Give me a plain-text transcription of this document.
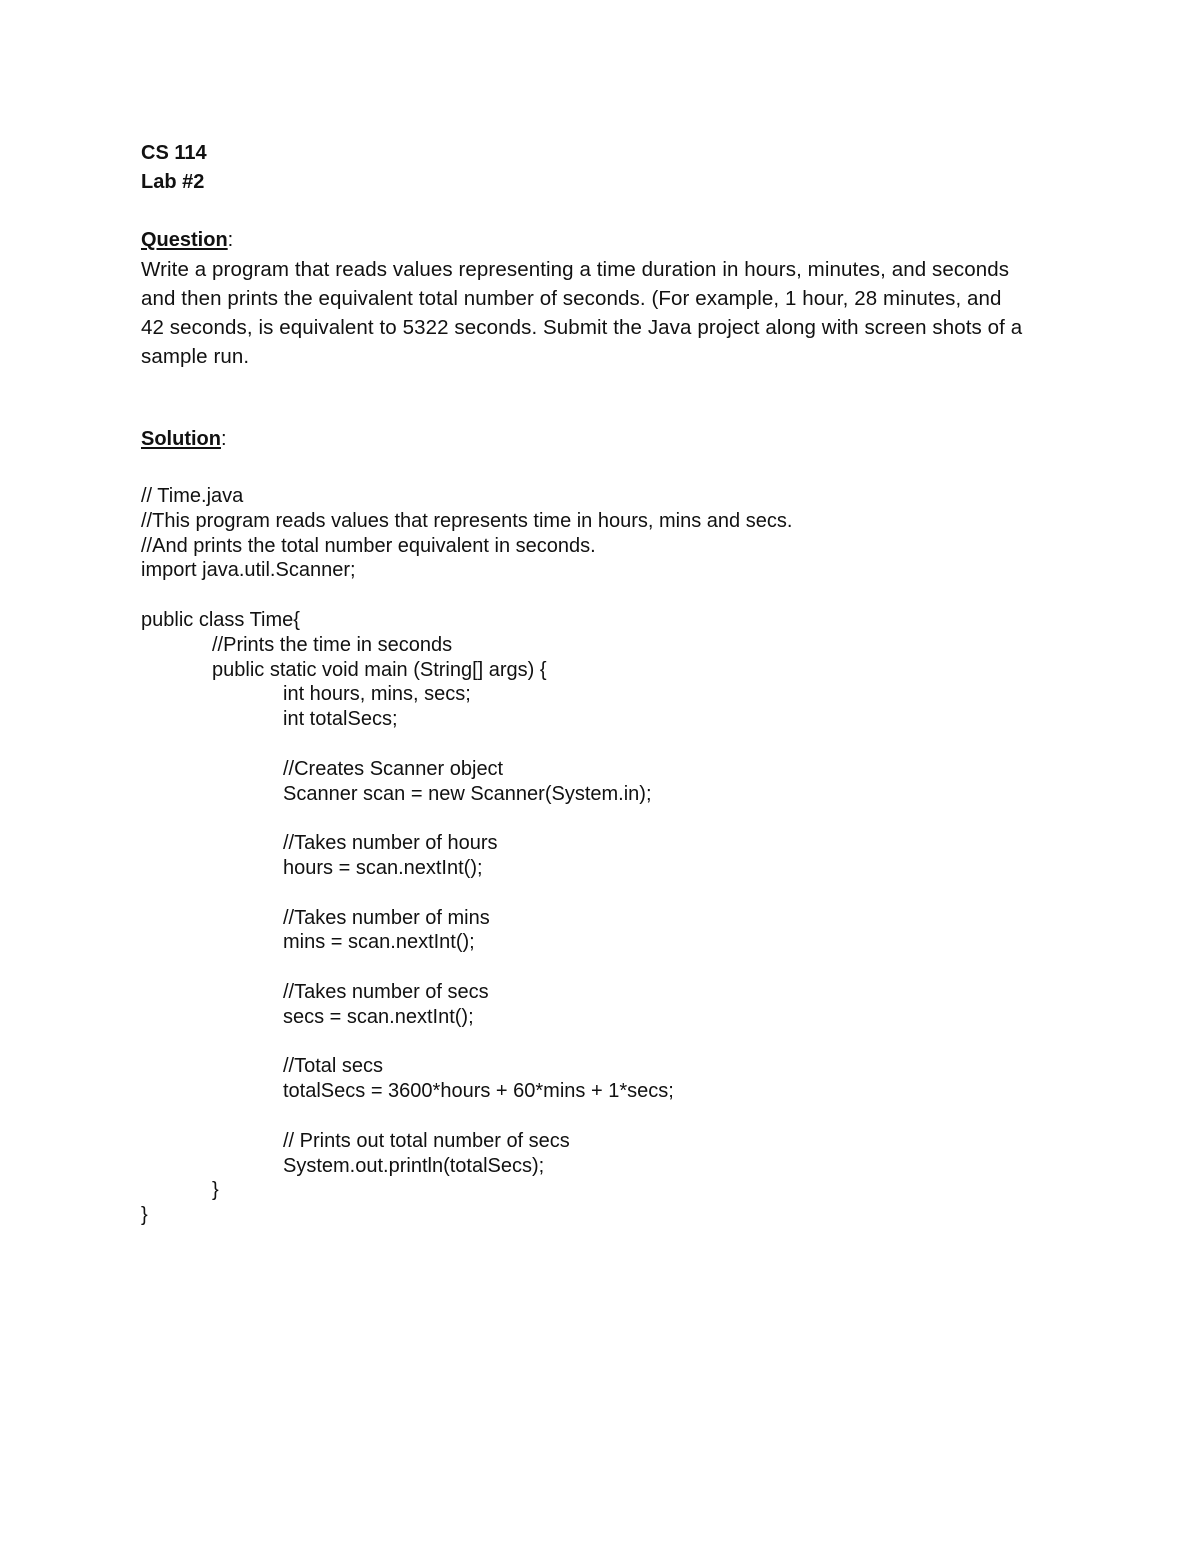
CS 114
Lab #2
Question:
Write a program that reads values representing a time duration in hours, minutes, and seconds
and then prints the equivalent total number of seconds. (For example, 1 hour, 28 minutes, and
42 seconds, is equivalent to 5322 seconds. Submit the Java project along with screen shots of a
sample run.
Solution:
// Time.java
//This program reads values that represents time in hours, mins and secs.
//And prints the total number equivalent in seconds.
import java.util.Scanner;
public class Time{
//Prints the time in seconds
public static void main (String[] args) {
int hours, mins, secs;
int totalSecs;
//Creates Scanner object
Scanner scan = new Scanner(System.in);
//Takes number of hours
hours = scan.nextInt();
//Takes number of mins
mins = scan.nextInt();
//Takes number of secs
secs = scan.nextInt();
//Total secs
totalSecs = 3600*hours + 60*mins + 1*secs;
// Prints out total number of secs
System.out.println(totalSecs);
}
}
